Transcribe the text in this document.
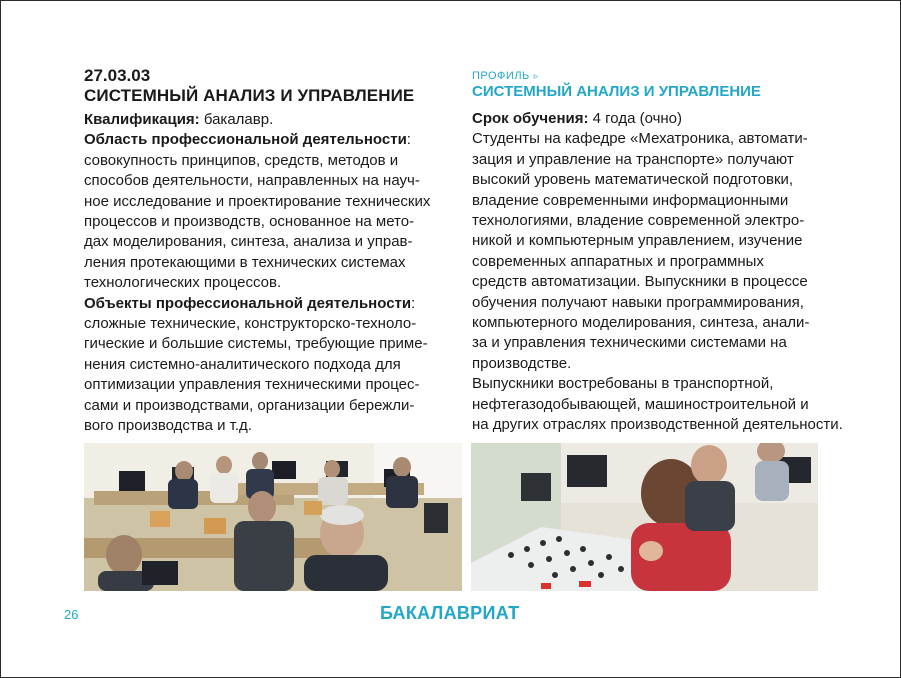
27.03.03

СИСТЕМНЫЙ АНАЛИЗ И УПРАВЛЕНИЕ

Квалификация: бакалавр.

Область профессиональной деятельности:

совокупность принципов, средств, методов и

способов деятельности, направленных на науч-

ное исследование и проектирование технических

процессов и производств, основанное на мето-

дах моделирования, синтеза, анализа и управ-

ления протекающими в технических системах

технологических процессов.

Объекты профессиональной деятельности:

сложные технические, конструкторско-техноло-

гические и большие системы, требующие приме-

нения системно-аналитического подхода для

оптимизации управления техническими процес-

сами и производствами, организации бережли-

вого производства и т.д.

ПРОФИЛЬ ▹

СИСТЕМНЫЙ АНАЛИЗ И УПРАВЛЕНИЕ

Срок обучения: 4 года (очно)

Студенты на кафедре «Мехатроника, автомати-

зация и управление на транспорте» получают

высокий уровень математической подготовки,

владение современными информационными

технологиями, владение современной электро-

никой и компьютерным управлением, изучение

современных аппаратных и программных

средств автоматизации. Выпускники в процессе

обучения получают навыки программирования,

компьютерного моделирования, синтеза, анали-

за и управления техническими системами на

производстве.

Выпускники востребованы в транспортной,

нефтегазодобывающей, машиностроительной и

на других отраслях производственной деятельности.

26	БАКАЛАВРИАТ
